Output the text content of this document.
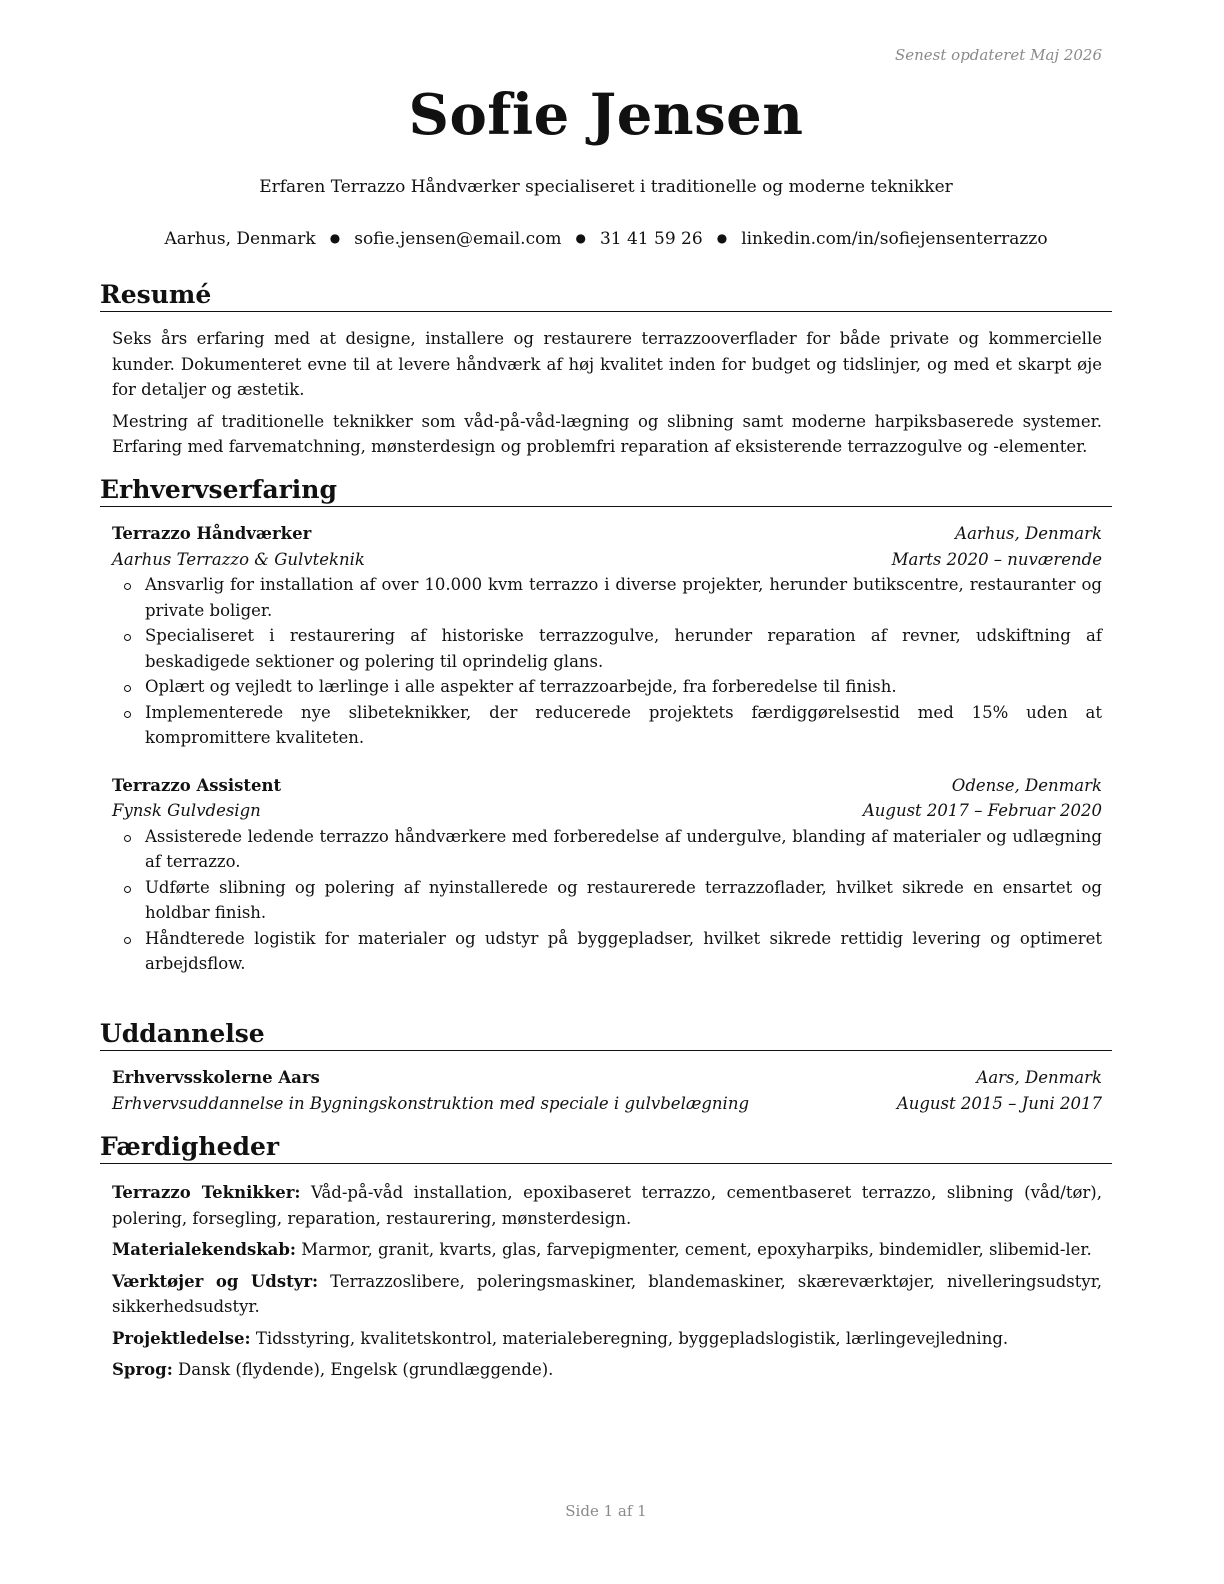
Senest opdateret Maj 2026
Sofie Jensen
Erfaren Terrazzo Håndværker specialiseret i traditionelle og moderne teknikker
Aarhus, Denmark ● sofie.jensen@email.com ● 31 41 59 26 ● linkedin.com/in/sofiejensenterrazzo
Resumé

Seks års erfaring med at designe, installere og restaurere terrazzooverflader for både private og kommercielle kunder. Dokumenteret evne til at levere håndværk af høj kvalitet inden for budget og tidslinjer, og med et skarpt øje for detaljer og æstetik.

Mestring af traditionelle teknikker som våd-på-våd-lægning og slibning samt moderne harpiksbaserede systemer. Erfaring med farvematchning, mønsterdesign og problemfri reparation af eksisterende terrazzogulve og -elementer.

Erhvervserfaring
Terrazzo Håndværker	Aarhus, Denmark
Aarhus Terrazzo & Gulvteknik	Marts 2020 – nuværende
Ansvarlig for installation af over 10.000 kvm terrazzo i diverse projekter, herunder butikscentre, restauranter og private boliger.
Specialiseret i restaurering af historiske terrazzogulve, herunder reparation af revner, udskiftning af beskadigede sektioner og polering til oprindelig glans.
Oplært og vejledt to lærlinge i alle aspekter af terrazzoarbejde, fra forberedelse til finish.
Implementerede nye slibeteknikker, der reducerede projektets færdiggørelsestid med 15% uden at kompromittere kvaliteten.
Terrazzo Assistent	Odense, Denmark
Fynsk Gulvdesign	August 2017 – Februar 2020
Assisterede ledende terrazzo håndværkere med forberedelse af undergulve, blanding af materialer og udlægning af terrazzo.
Udførte slibning og polering af nyinstallerede og restaurerede terrazzoflader, hvilket sikrede en ensartet og holdbar finish.
Håndterede logistik for materialer og udstyr på byggepladser, hvilket sikrede rettidig levering og optimeret arbejdsflow.
Uddannelse
Erhvervsskolerne Aars	Aars, Denmark
Erhvervsuddannelse in Bygningskonstruktion med speciale i gulvbelægning	August 2015 – Juni 2017
Færdigheder
Terrazzo Teknikker: Våd-på-våd installation, epoxibaseret terrazzo, cementbaseret terrazzo, slibning (våd/tør), polering, forsegling, reparation, restaurering, mønsterdesign.
Materialekendskab: Marmor, granit, kvarts, glas, farvepigmenter, cement, epoxyharpiks, bindemidler, slibemid-ler.
Værktøjer og Udstyr: Terrazzoslibere, poleringsmaskiner, blandemaskiner, skæreværktøjer, nivelleringsudstyr, sikkerhedsudstyr.
Projektledelse: Tidsstyring, kvalitetskontrol, materialeberegning, byggepladslogistik, lærlingevejledning.
Sprog: Dansk (flydende), Engelsk (grundlæggende).
Side 1 af 1
